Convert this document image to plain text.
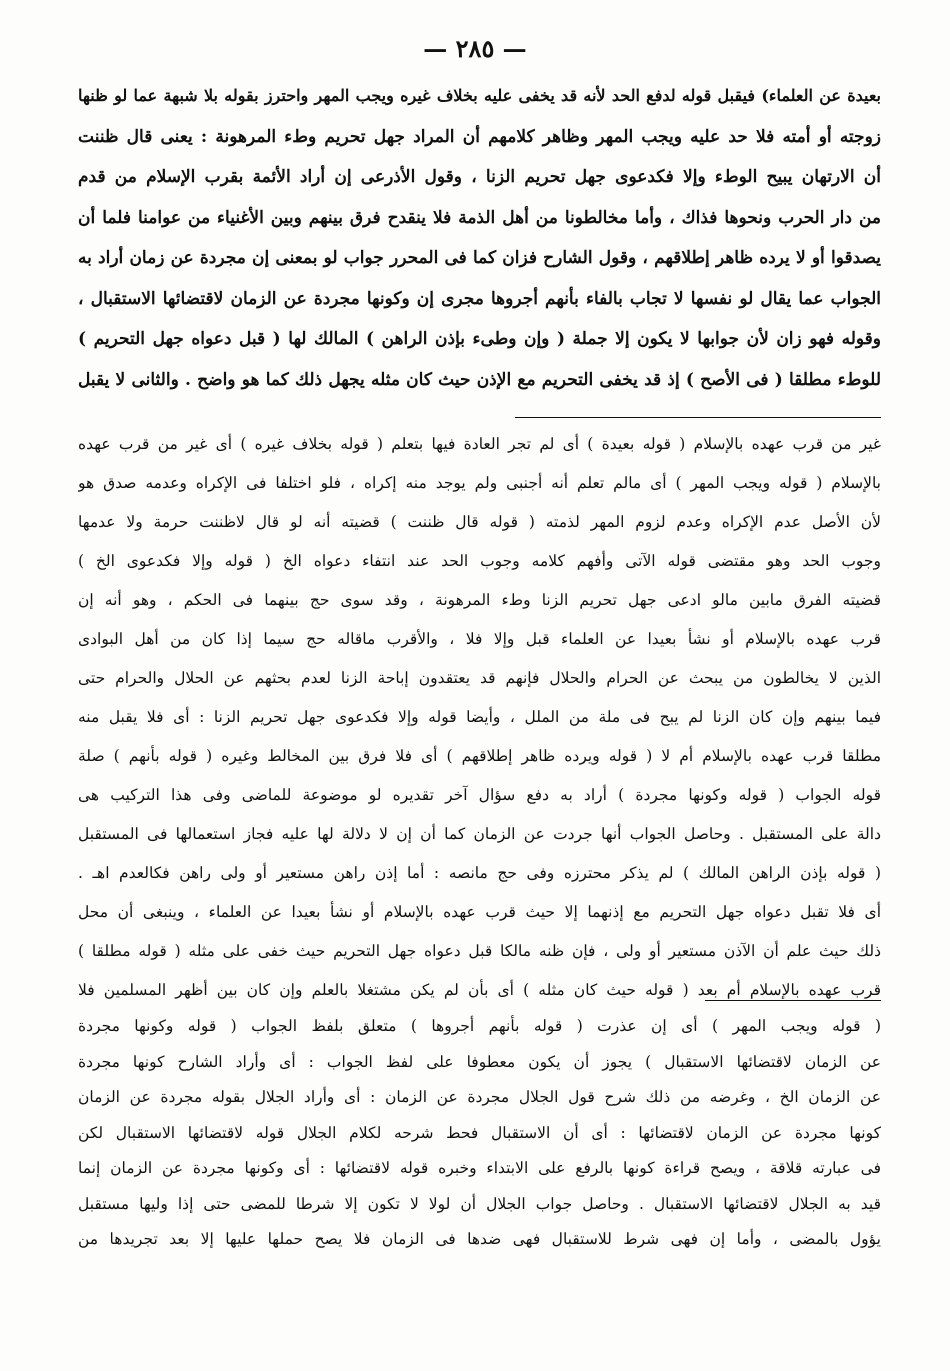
— ٢٨٥ —
بعيدة عن العلماء) فيقبل قوله لدفع الحد لأنه قد يخفى عليه بخلاف غيره ويجب المهر واحترز بقوله بلا شبهة عما لو ظنها
زوجته أو أمته فلا حد عليه ويجب المهر وظاهر كلامهم أن المراد جهل تحريم وطء المرهونة : يعنى قال ظننت
أن الارتهان يبيح الوطء وإلا فكدعوى جهل تحريم الزنا ، وقول الأذرعى إن أراد الأئمة بقرب الإسلام من قدم
من دار الحرب ونحوها فذاك ، وأما مخالطونا من أهل الذمة فلا ينقدح فرق بينهم وبين الأغنياء من عوامنا فلما أن
يصدقوا أو لا يرده ظاهر إطلاقهم ، وقول الشارح فزان كما فى المحرر جواب لو بمعنى إن مجردة عن زمان أراد به
الجواب عما يقال لو نفسها لا تجاب بالفاء بأنهم أجروها مجرى إن وكونها مجردة عن الزمان لاقتضائها الاستقبال ،
وقوله فهو زان لأن جوابها لا يكون إلا جملة ( وإن وطىء بإذن الراهن ) المالك لها ( قبل دعواه جهل التحريم )
للوطء مطلقا ( فى الأصح ) إذ قد يخفى التحريم مع الإذن حيث كان مثله يجهل ذلك كما هو واضح . والثانى لا يقبل
غير من قرب عهده بالإسلام ( قوله بعيدة ) أى لم تجر العادة فيها بتعلم ( قوله بخلاف غيره ) أى غير من قرب عهده
بالإسلام ( قوله ويجب المهر ) أى مالم تعلم أنه أجنبى ولم يوجد منه إكراه ، فلو اختلفا فى الإكراه وعدمه صدق هو
لأن الأصل عدم الإكراه وعدم لزوم المهر لذمته ( قوله قال ظننت ) قضيته أنه لو قال لاظننت حرمة ولا عدمها
وجوب الحد وهو مقتضى قوله الآتى وأفهم كلامه وجوب الحد عند انتفاء دعواه الخ ( قوله وإلا فكدعوى الخ )
قضيته الفرق مابين مالو ادعى جهل تحريم الزنا وطء المرهونة ، وقد سوى حج بينهما فى الحكم ، وهو أنه إن
قرب عهده بالإسلام أو نشأ بعيدا عن العلماء قبل وإلا فلا ، والأقرب ماقاله حج سيما إذا كان من أهل البوادى
الذين لا يخالطون من يبحث عن الحرام والحلال فإنهم قد يعتقدون إباحة الزنا لعدم بحثهم عن الحلال والحرام حتى
فيما بينهم وإن كان الزنا لم يبح فى ملة من الملل ، وأيضا قوله وإلا فكدعوى جهل تحريم الزنا : أى فلا يقبل منه
مطلقا قرب عهده بالإسلام أم لا ( قوله ويرده ظاهر إطلاقهم ) أى فلا فرق بين المخالط وغيره ( قوله بأنهم ) صلة
قوله الجواب ( قوله وكونها مجردة ) أراد به دفع سؤال آخر تقديره لو موضوعة للماضى وفى هذا التركيب هى
دالة على المستقبل . وحاصل الجواب أنها جردت عن الزمان كما أن إن لا دلالة لها عليه فجاز استعمالها فى المستقبل
( قوله بإذن الراهن المالك ) لم يذكر محترزه وفى حج مانصه : أما إذن راهن مستعير أو ولى راهن فكالعدم اهـ .
أى فلا تقبل دعواه جهل التحريم مع إذنهما إلا حيث قرب عهده بالإسلام أو نشأ بعيدا عن العلماء ، وينبغى أن محل
ذلك حيث علم أن الآذن مستعير أو ولى ، فإن ظنه مالكا قبل دعواه جهل التحريم حيث خفى على مثله ( قوله مطلقا )
قرب عهده بالإسلام أم بعد ( قوله حيث كان مثله ) أى بأن لم يكن مشتغلا بالعلم وإن كان بين أظهر المسلمين فلا
( قوله ويجب المهر ) أى إن عذرت ( قوله بأنهم أجروها ) متعلق بلفظ الجواب ( قوله وكونها مجردة
عن الزمان لاقتضائها الاستقبال ) يجوز أن يكون معطوفا على لفظ الجواب : أى وأراد الشارح كونها مجردة
عن الزمان الخ ، وغرضه من ذلك شرح قول الجلال مجردة عن الزمان : أى وأراد الجلال بقوله مجردة عن الزمان
كونها مجردة عن الزمان لاقتضائها : أى أن الاستقبال فحط شرحه لكلام الجلال قوله لاقتضائها الاستقبال لكن
فى عبارته قلاقة ، ويصح قراءة كونها بالرفع على الابتداء وخبره قوله لاقتضائها : أى وكونها مجردة عن الزمان إنما
قيد به الجلال لاقتضائها الاستقبال . وحاصل جواب الجلال أن لولا لا تكون إلا شرطا للمضى حتى إذا وليها مستقبل
يؤول بالمضى ، وأما إن فهى شرط للاستقبال فهى ضدها فى الزمان فلا يصح حملها عليها إلا بعد تجريدها من
